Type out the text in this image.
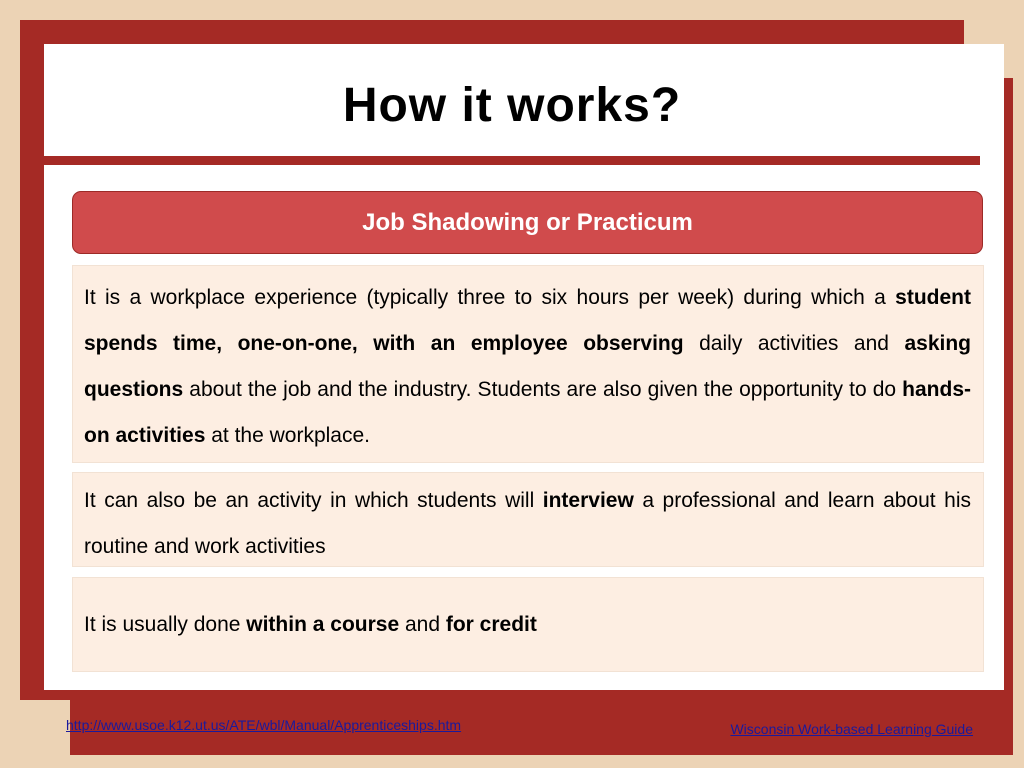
How it works?
Job Shadowing or Practicum

It is a workplace experience (typically three to six hours per week) during which a student spends time, one-on-one, with an employee observing daily activities and asking questions about the job and the industry. Students are also given the opportunity to do hands-on activities at the workplace.

It can also be an activity in which students will interview a professional and learn about his routine and work activities

It is usually done within a course and for credit

http://www.usoe.k12.ut.us/ATE/wbl/Manual/Apprenticeships.htm	Wisconsin Work-based Learning Guide
